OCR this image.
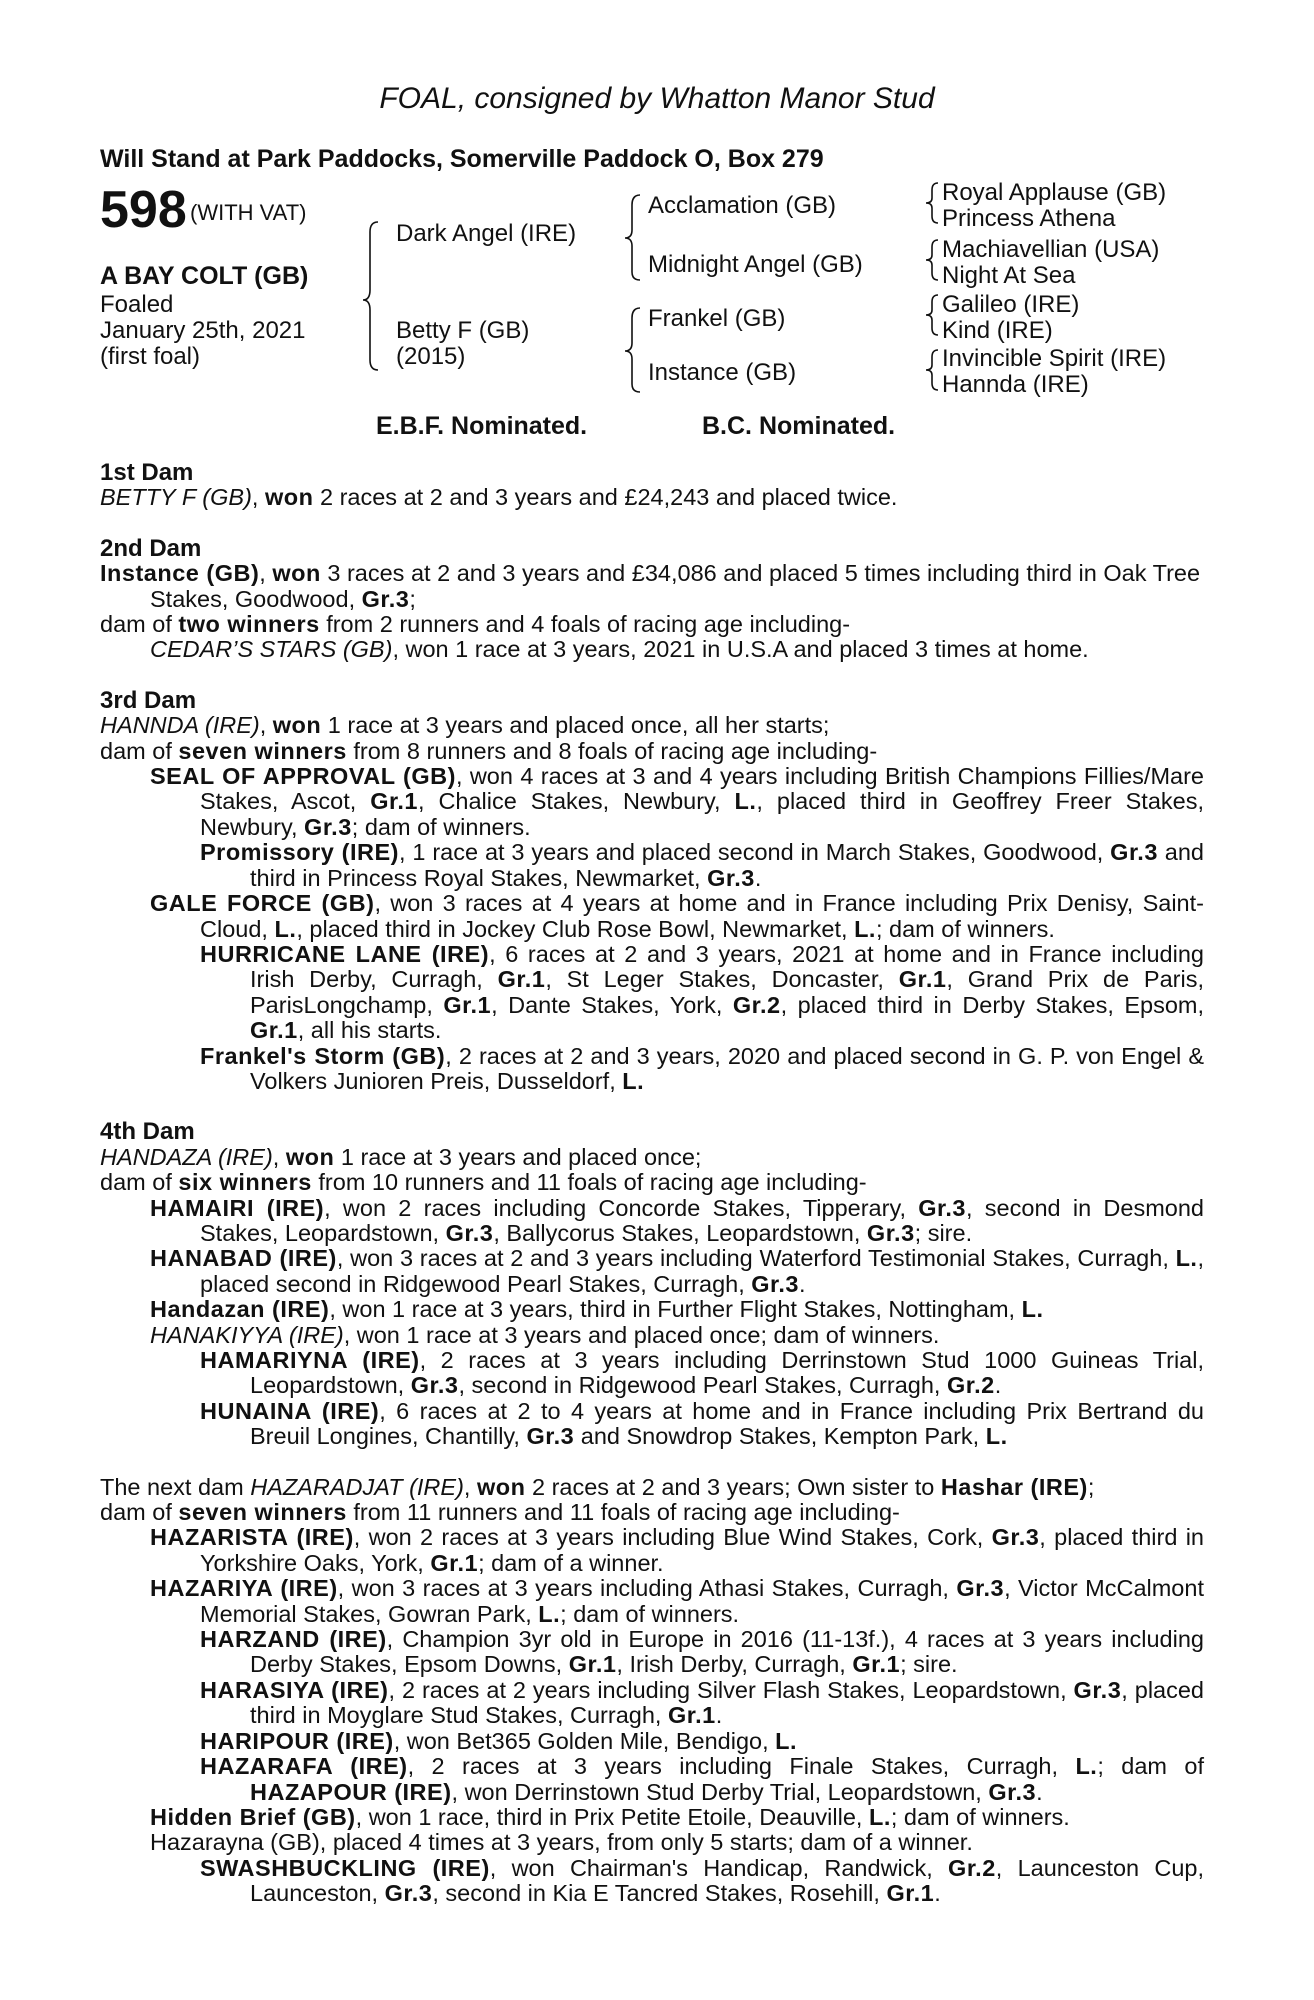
FOAL, consigned by Whatton Manor Stud
Will Stand at Park Paddocks, Somerville Paddock O, Box 279
598 (WITH VAT)
A BAY COLT (GB)
Foaled
January 25th, 2021
(first foal)
Dark Angel (IRE)
Betty F (GB)
(2015)
Acclamation (GB)
Midnight Angel (GB)
Frankel (GB)
Instance (GB)
Royal Applause (GB)
Princess Athena
Machiavellian (USA)
Night At Sea
Galileo (IRE)
Kind (IRE)
Invincible Spirit (IRE)
Hannda (IRE)
E.B.F. Nominated.	B.C. Nominated.

1st Dam

BETTY F (GB), won 2 races at 2 and 3 years and £24,243 and placed twice.

2nd Dam

Instance (GB), won 3 races at 2 and 3 years and £34,086 and placed 5 times including third in Oak Tree Stakes, Goodwood, Gr.3;

dam of two winners from 2 runners and 4 foals of racing age including-

CEDAR’S STARS (GB), won 1 race at 3 years, 2021 in U.S.A and placed 3 times at home.

3rd Dam

HANNDA (IRE), won 1 race at 3 years and placed once, all her starts;

dam of seven winners from 8 runners and 8 foals of racing age including-

SEAL OF APPROVAL (GB), won 4 races at 3 and 4 years including British Champions Fillies/Mare Stakes, Ascot, Gr.1, Chalice Stakes, Newbury, L., placed third in Geoffrey Freer Stakes, Newbury, Gr.3; dam of winners.

Promissory (IRE), 1 race at 3 years and placed second in March Stakes, Goodwood, Gr.3 and third in Princess Royal Stakes, Newmarket, Gr.3.

GALE FORCE (GB), won 3 races at 4 years at home and in France including Prix Denisy, Saint-Cloud, L., placed third in Jockey Club Rose Bowl, Newmarket, L.; dam of winners.

HURRICANE LANE (IRE), 6 races at 2 and 3 years, 2021 at home and in France including Irish Derby, Curragh, Gr.1, St Leger Stakes, Doncaster, Gr.1, Grand Prix de Paris, ParisLongchamp, Gr.1, Dante Stakes, York, Gr.2, placed third in Derby Stakes, Epsom, Gr.1, all his starts.

Frankel's Storm (GB), 2 races at 2 and 3 years, 2020 and placed second in G. P. von Engel & Volkers Junioren Preis, Dusseldorf, L.

4th Dam

HANDAZA (IRE), won 1 race at 3 years and placed once;

dam of six winners from 10 runners and 11 foals of racing age including-

HAMAIRI (IRE), won 2 races including Concorde Stakes, Tipperary, Gr.3, second in Desmond Stakes, Leopardstown, Gr.3, Ballycorus Stakes, Leopardstown, Gr.3; sire.

HANABAD (IRE), won 3 races at 2 and 3 years including Waterford Testimonial Stakes, Curragh, L., placed second in Ridgewood Pearl Stakes, Curragh, Gr.3.

Handazan (IRE), won 1 race at 3 years, third in Further Flight Stakes, Nottingham, L.

HANAKIYYA (IRE), won 1 race at 3 years and placed once; dam of winners.

HAMARIYNA (IRE), 2 races at 3 years including Derrinstown Stud 1000 Guineas Trial, Leopardstown, Gr.3, second in Ridgewood Pearl Stakes, Curragh, Gr.2.

HUNAINA (IRE), 6 races at 2 to 4 years at home and in France including Prix Bertrand du Breuil Longines, Chantilly, Gr.3 and Snowdrop Stakes, Kempton Park, L.

The next dam HAZARADJAT (IRE), won 2 races at 2 and 3 years; Own sister to Hashar (IRE);

dam of seven winners from 11 runners and 11 foals of racing age including-

HAZARISTA (IRE), won 2 races at 3 years including Blue Wind Stakes, Cork, Gr.3, placed third in Yorkshire Oaks, York, Gr.1; dam of a winner.

HAZARIYA (IRE), won 3 races at 3 years including Athasi Stakes, Curragh, Gr.3, Victor McCalmont Memorial Stakes, Gowran Park, L.; dam of winners.

HARZAND (IRE), Champion 3yr old in Europe in 2016 (11-13f.), 4 races at 3 years including Derby Stakes, Epsom Downs, Gr.1, Irish Derby, Curragh, Gr.1; sire.

HARASIYA (IRE), 2 races at 2 years including Silver Flash Stakes, Leopardstown, Gr.3, placed third in Moyglare Stud Stakes, Curragh, Gr.1.

HARIPOUR (IRE), won Bet365 Golden Mile, Bendigo, L.

HAZARAFA (IRE), 2 races at 3 years including Finale Stakes, Curragh, L.; dam of HAZAPOUR (IRE), won Derrinstown Stud Derby Trial, Leopardstown, Gr.3.

Hidden Brief (GB), won 1 race, third in Prix Petite Etoile, Deauville, L.; dam of winners.

Hazarayna (GB), placed 4 times at 3 years, from only 5 starts; dam of a winner.

SWASHBUCKLING (IRE), won Chairman's Handicap, Randwick, Gr.2, Launceston Cup, Launceston, Gr.3, second in Kia E Tancred Stakes, Rosehill, Gr.1.
